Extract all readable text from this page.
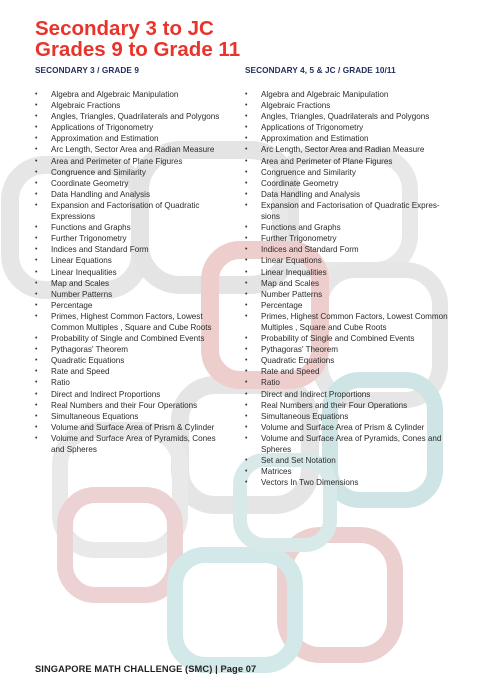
Secondary 3 to JC
Grades 9 to Grade 11
SECONDARY 3 / GRADE 9
• Algebra and Algebraic Manipulation
• Algebraic Fractions
• Angles, Triangles, Quadrilaterals and Polygons
• Applications of Trigonometry
• Approximation and Estimation
• Arc Length, Sector Area and Radian Measure
• Area and Perimeter of Plane Figures
• Congruence and Similarity
• Coordinate Geometry
• Data Handling and Analysis
• Expansion and Factorisation of Quadratic Expressions
• Functions and Graphs
• Further Trigonometry
• Indices and Standard Form
• Linear Equations
• Linear Inequalities
• Map and Scales
• Number Patterns
• Percentage
• Primes, Highest Common Factors, Lowest Common Multiples , Square and Cube Roots
• Probability of Single and Combined Events
• Pythagoras' Theorem
• Quadratic Equations
• Rate and Speed
• Ratio
• Direct and Indirect Proportions
• Real Numbers and their Four Operations
• Simultaneous Equations
• Volume and Surface Area of Prism & Cylinder
• Volume and Surface Area of Pyramids, Cones and Spheres
SECONDARY 4, 5 & JC / GRADE 10/11
• Algebra and Algebraic Manipulation
• Algebraic Fractions
• Angles, Triangles, Quadrilaterals and Polygons
• Applications of Trigonometry
• Approximation and Estimation
• Arc Length, Sector Area and Radian Measure
• Area and Perimeter of Plane Figures
• Congruence and Similarity
• Coordinate Geometry
• Data Handling and Analysis
• Expansion and Factorisation of Quadratic Expres-sions
• Functions and Graphs
• Further Trigonometry
• Indices and Standard Form
• Linear Equations
• Linear Inequalities
• Map and Scales
• Number Patterns
• Percentage
• Primes, Highest Common Factors, Lowest Common Multiples , Square and Cube Roots
• Probability of Single and Combined Events
• Pythagoras' Theorem
• Quadratic Equations
• Rate and Speed
• Ratio
• Direct and Indirect Proportions
• Real Numbers and their Four Operations
• Simultaneous Equations
• Volume and Surface Area of Prism & Cylinder
• Volume and Surface Area of Pyramids, Cones and Spheres
• Set and Set Notation
• Matrices
• Vectors In Two Dimensions

SINGAPORE MATH CHALLENGE (SMC) | Page 07
